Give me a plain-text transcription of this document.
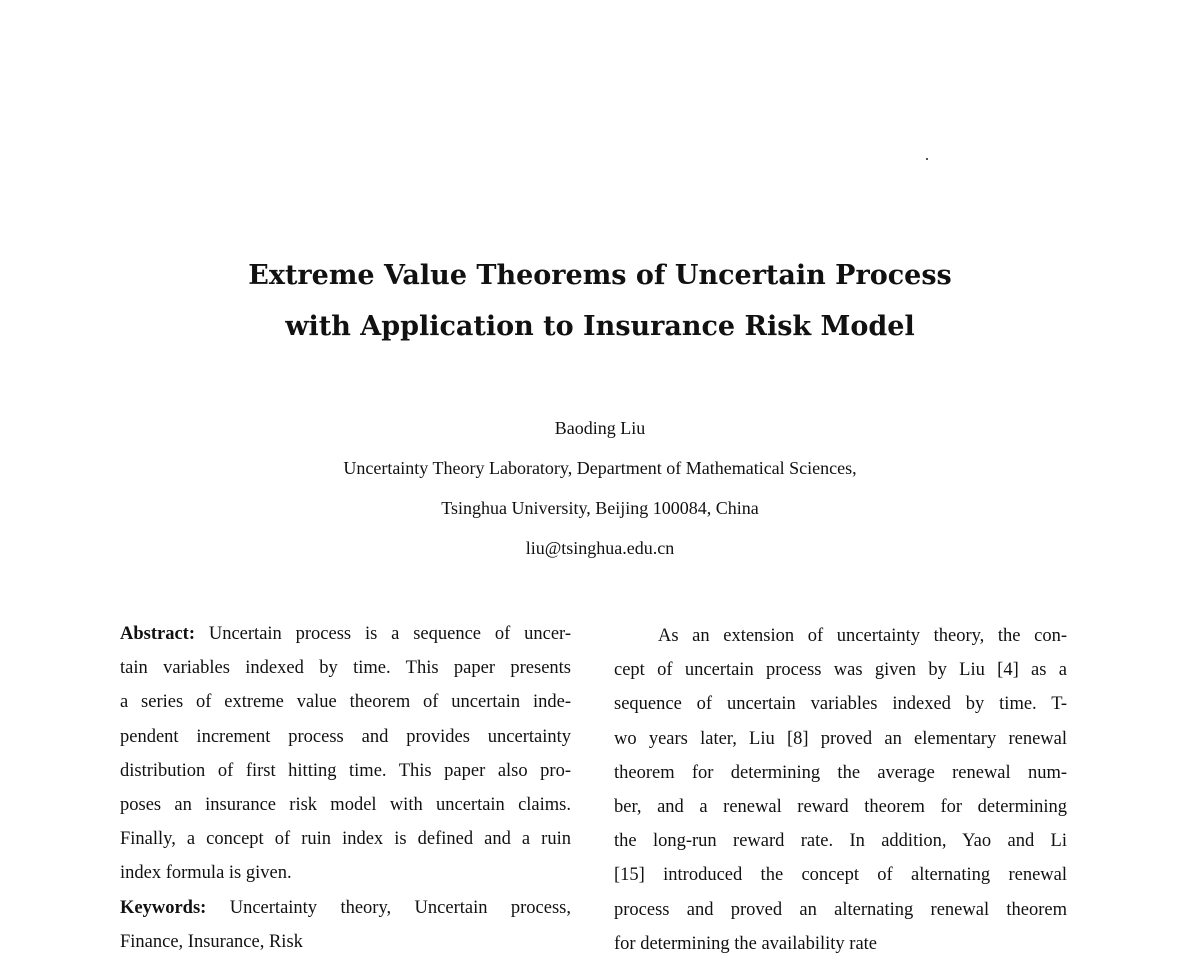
Extreme Value Theorems of Uncertain Process
with Application to Insurance Risk Model
Baoding Liu
Uncertainty Theory Laboratory, Department of Mathematical Sciences,
Tsinghua University, Beijing 100084, China
liu@tsinghua.edu.cn
Abstract: Uncertain process is a sequence of uncer-
tain variables indexed by time. This paper presents
a series of extreme value theorem of uncertain inde-
pendent increment process and provides uncertainty
distribution of first hitting time. This paper also pro-
poses an insurance risk model with uncertain claims.
Finally, a concept of ruin index is defined and a ruin
index formula is given.
Keywords: Uncertainty theory, Uncertain process,
Finance, Insurance, Risk
As an extension of uncertainty theory, the con-
cept of uncertain process was given by Liu [4] as a
sequence of uncertain variables indexed by time. T-
wo years later, Liu [8] proved an elementary renewal
theorem for determining the average renewal num-
ber, and a renewal reward theorem for determining
the long-run reward rate. In addition, Yao and Li
[15] introduced the concept of alternating renewal
process and proved an alternating renewal theorem
for determining the availability rate
